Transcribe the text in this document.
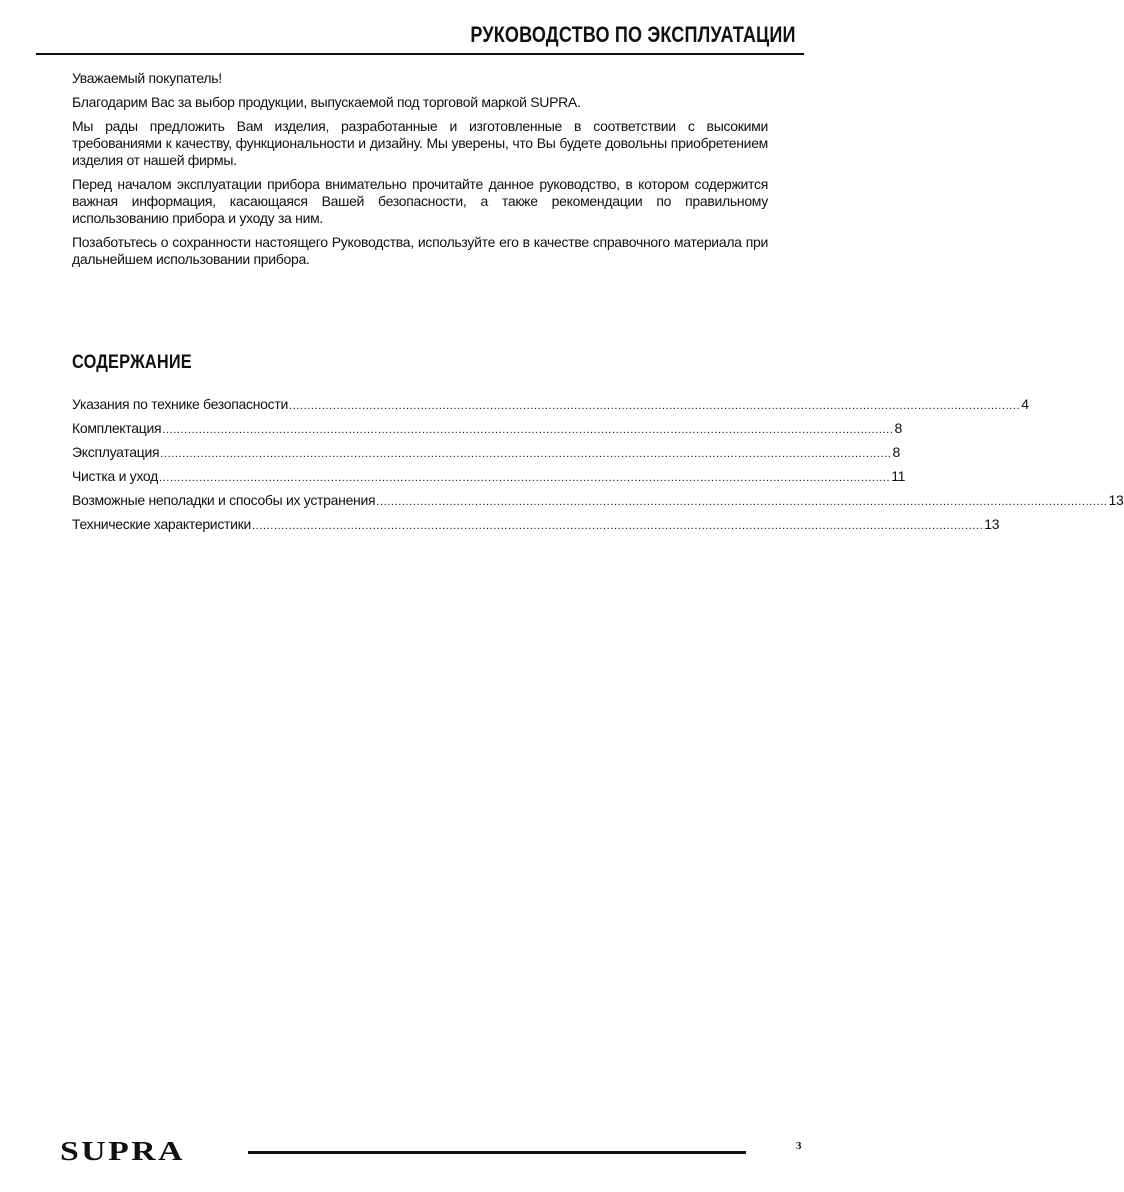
РУКОВОДСТВО ПО ЭКСПЛУАТАЦИИ

Уважаемый покупатель!

Благодарим Вас за выбор продукции, выпускаемой под торговой маркой SUPRA.

Мы рады предложить Вам изделия, разработанные и изготовленные в соответствии с высокими требованиями к качеству, функциональности и дизайну. Мы уверены, что Вы будете довольны приобретением изделия от нашей фирмы.

Перед началом эксплуатации прибора внимательно прочитайте данное руководство, в котором содержится важная информация, касающаяся Вашей безопасности, а также рекомендации по правильному использованию прибора и уходу за ним.

Позаботьтесь о сохранности настоящего Руководства, используйте его в качестве справочного материала при дальнейшем использовании прибора.

СОДЕРЖАНИЕ
Указания по технике безопасности ........................................................................................................................................................................................................ 4
Комплектация ........................................................................................................................................................................................................ 8
Эксплуатация ........................................................................................................................................................................................................ 8
Чистка и уход ........................................................................................................................................................................................................ 11
Возможные неполадки и способы их устранения ........................................................................................................................................................................................................ 13
Технические характеристики ........................................................................................................................................................................................................ 13
SUPRA	3
